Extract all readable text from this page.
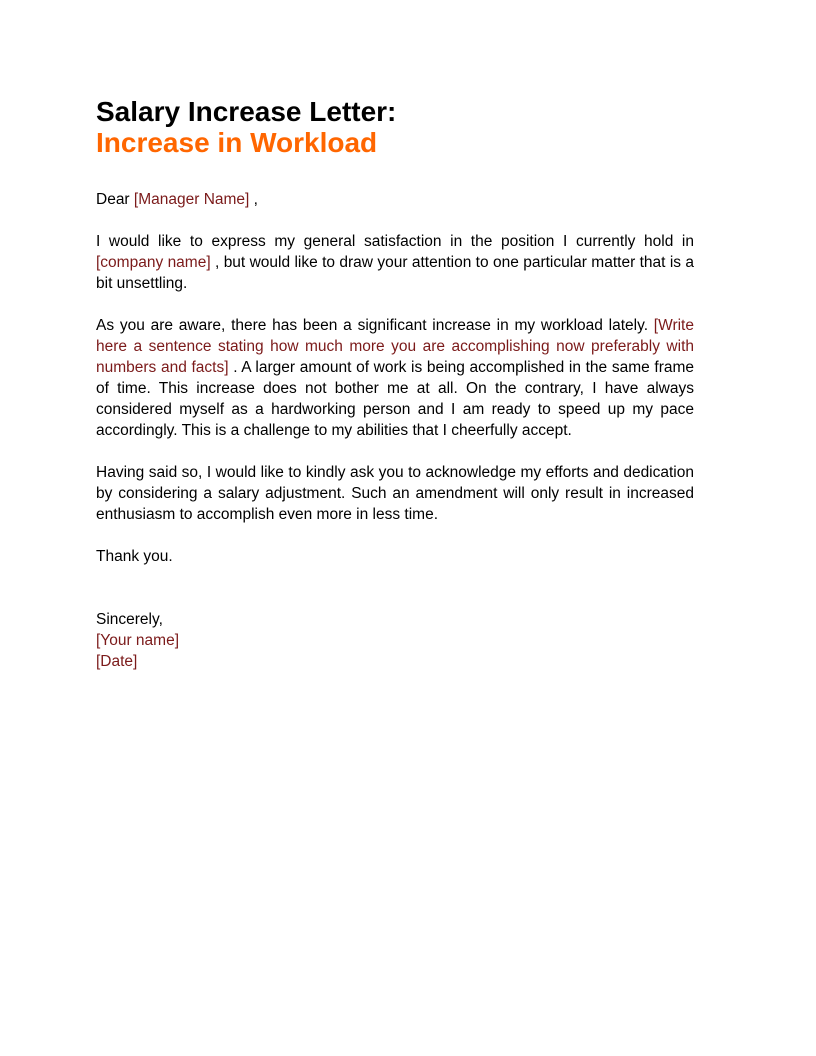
Salary Increase Letter:
Increase in Workload

Dear [Manager Name] ,

I would like to express my general satisfaction in the position I currently hold in [company name] , but would like to draw your attention to one particular matter that is a bit unsettling.

As you are aware, there has been a significant increase in my workload lately. [Write here a sentence stating how much more you are accomplishing now preferably with numbers and facts] . A larger amount of work is being accomplished in the same frame of time. This increase does not bother me at all. On the contrary, I have always considered myself as a hardworking person and I am ready to speed up my pace accordingly. This is a challenge to my abilities that I cheerfully accept.

Having said so, I would like to kindly ask you to acknowledge my efforts and dedication by considering a salary adjustment. Such an amendment will only result in increased enthusiasm to accomplish even more in less time.

Thank you.

Sincerely,
[Your name]
[Date]
